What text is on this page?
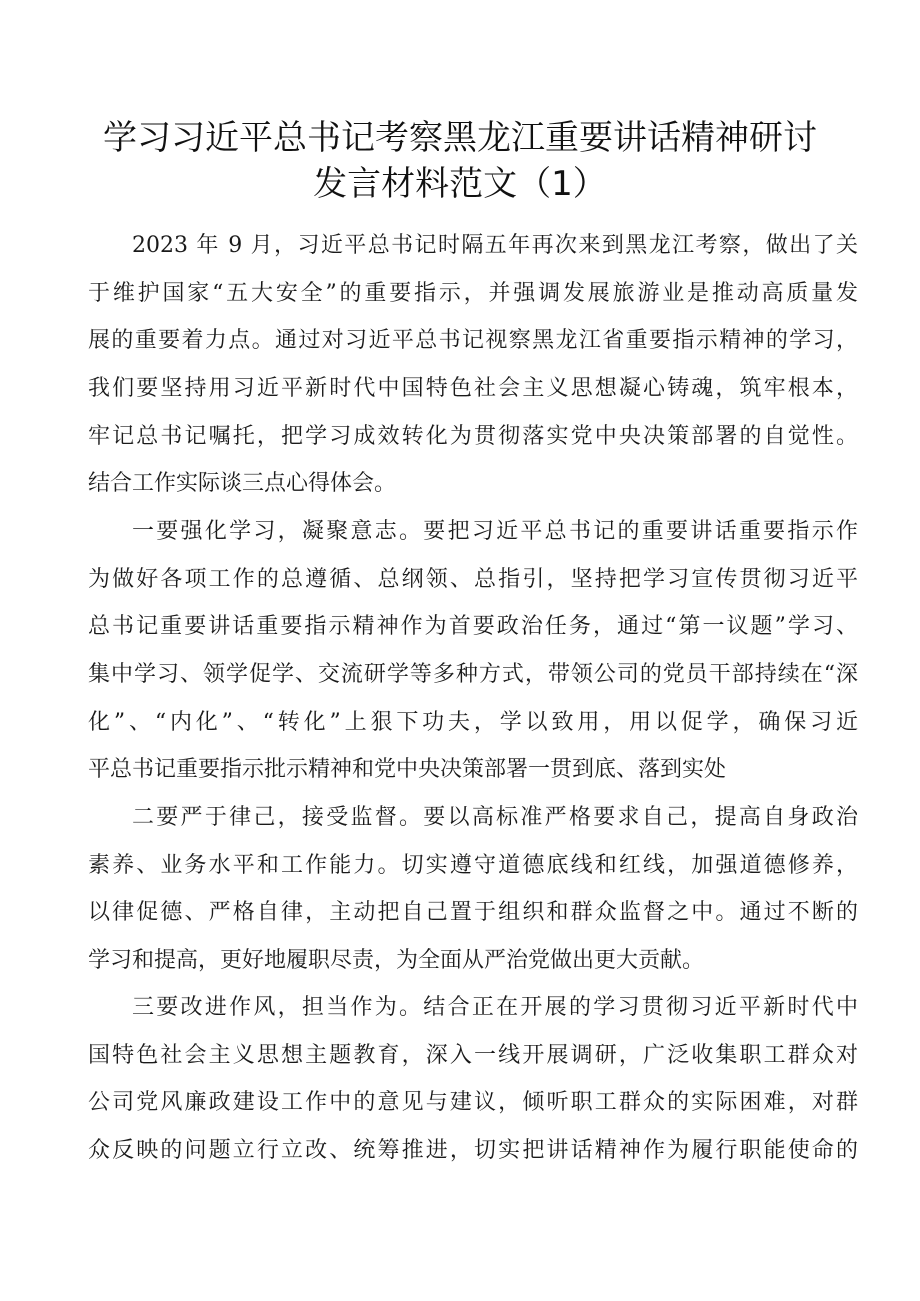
学习习近平总书记考察黑龙江重要讲话精神研讨
发言材料范文（1）
2023 年 9 月，习近平总书记时隔五年再次来到黑龙江考察，做出了关
于维护国家“五大安全”的重要指示，并强调发展旅游业是推动高质量发
展的重要着力点。通过对习近平总书记视察黑龙江省重要指示精神的学习，
我们要坚持用习近平新时代中国特色社会主义思想凝心铸魂，筑牢根本，
牢记总书记嘱托，把学习成效转化为贯彻落实党中央决策部署的自觉性。
结合工作实际谈三点心得体会。
一要强化学习，凝聚意志。要把习近平总书记的重要讲话重要指示作
为做好各项工作的总遵循、总纲领、总指引，坚持把学习宣传贯彻习近平
总书记重要讲话重要指示精神作为首要政治任务，通过“第一议题”学习、
集中学习、领学促学、交流研学等多种方式，带领公司的党员干部持续在“深
化”、“内化”、“转化”上狠下功夫，学以致用，用以促学，确保习近
平总书记重要指示批示精神和党中央决策部署一贯到底、落到实处
二要严于律己，接受监督。要以高标准严格要求自己，提高自身政治
素养、业务水平和工作能力。切实遵守道德底线和红线，加强道德修养，
以律促德、严格自律，主动把自己置于组织和群众监督之中。通过不断的
学习和提高，更好地履职尽责，为全面从严治党做出更大贡献。
三要改进作风，担当作为。结合正在开展的学习贯彻习近平新时代中
国特色社会主义思想主题教育，深入一线开展调研，广泛收集职工群众对
公司党风廉政建设工作中的意见与建议，倾听职工群众的实际困难，对群
众反映的问题立行立改、统筹推进，切实把讲话精神作为履行职能使命的
